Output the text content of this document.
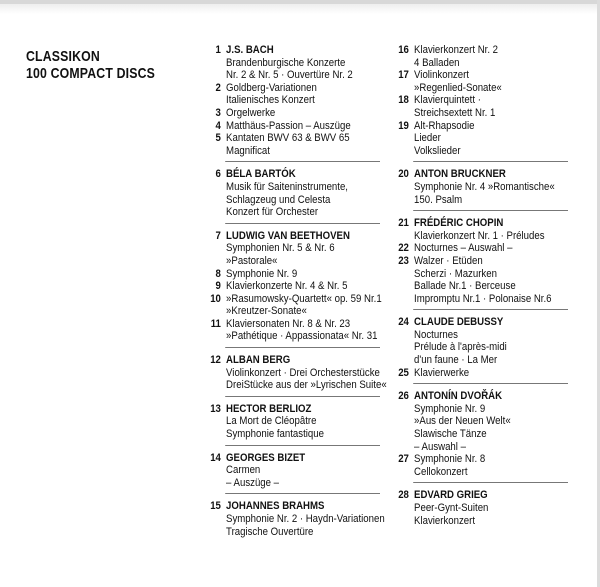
CLASSIKON
100 COMPACT DISCS
1 J.S. BACH
Brandenburgische Konzerte
Nr. 2 & Nr. 5 · Ouvertüre Nr. 2
2 Goldberg-Variationen
Italienisches Konzert
3 Orgelwerke
4 Matthäus-Passion – Auszüge
5 Kantaten BWV 63 & BWV 65
Magnificat
6 BÉLA BARTÓK
Musik für Saiteninstrumente,
Schlagzeug und Celesta
Konzert für Orchester
7 LUDWIG VAN BEETHOVEN
Symphonien Nr. 5 & Nr. 6
»Pastorale«
8 Symphonie Nr. 9
9 Klavierkonzerte Nr. 4 & Nr. 5
10 »Rasumowsky-Quartett« op. 59 Nr.1
»Kreutzer-Sonate«
11 Klaviersonaten Nr. 8 & Nr. 23
»Pathétique · Appassionata« Nr. 31
12 ALBAN BERG
Violinkonzert · Drei Orchesterstücke
DreiStücke aus der »Lyrischen Suite«
13 HECTOR BERLIOZ
La Mort de Cléopâtre
Symphonie fantastique
14 GEORGES BIZET
Carmen
– Auszüge –
15 JOHANNES BRAHMS
Symphonie Nr. 2 · Haydn-Variationen
Tragische Ouvertüre
16 Klavierkonzert Nr. 2
4 Balladen
17 Violinkonzert
»Regenlied-Sonate«
18 Klavierquintett ·
Streichsextett Nr. 1
19 Alt-Rhapsodie
Lieder
Volkslieder
20 ANTON BRUCKNER
Symphonie Nr. 4 »Romantische«
150. Psalm
21 FRÉDÉRIC CHOPIN
Klavierkonzert Nr. 1 · Préludes
22 Nocturnes – Auswahl –
23 Walzer · Etüden
Scherzi · Mazurken
Ballade Nr.1 · Berceuse
Impromptu Nr.1 · Polonaise Nr.6
24 CLAUDE DEBUSSY
Nocturnes
Prélude à l'après-midi
d'un faune · La Mer
25 Klavierwerke
26 ANTONÍN DVOŘÁK
Symphonie Nr. 9
»Aus der Neuen Welt«
Slawische Tänze
– Auswahl –
27 Symphonie Nr. 8
Cellokonzert
28 EDVARD GRIEG
Peer-Gynt-Suiten
Klavierkonzert
